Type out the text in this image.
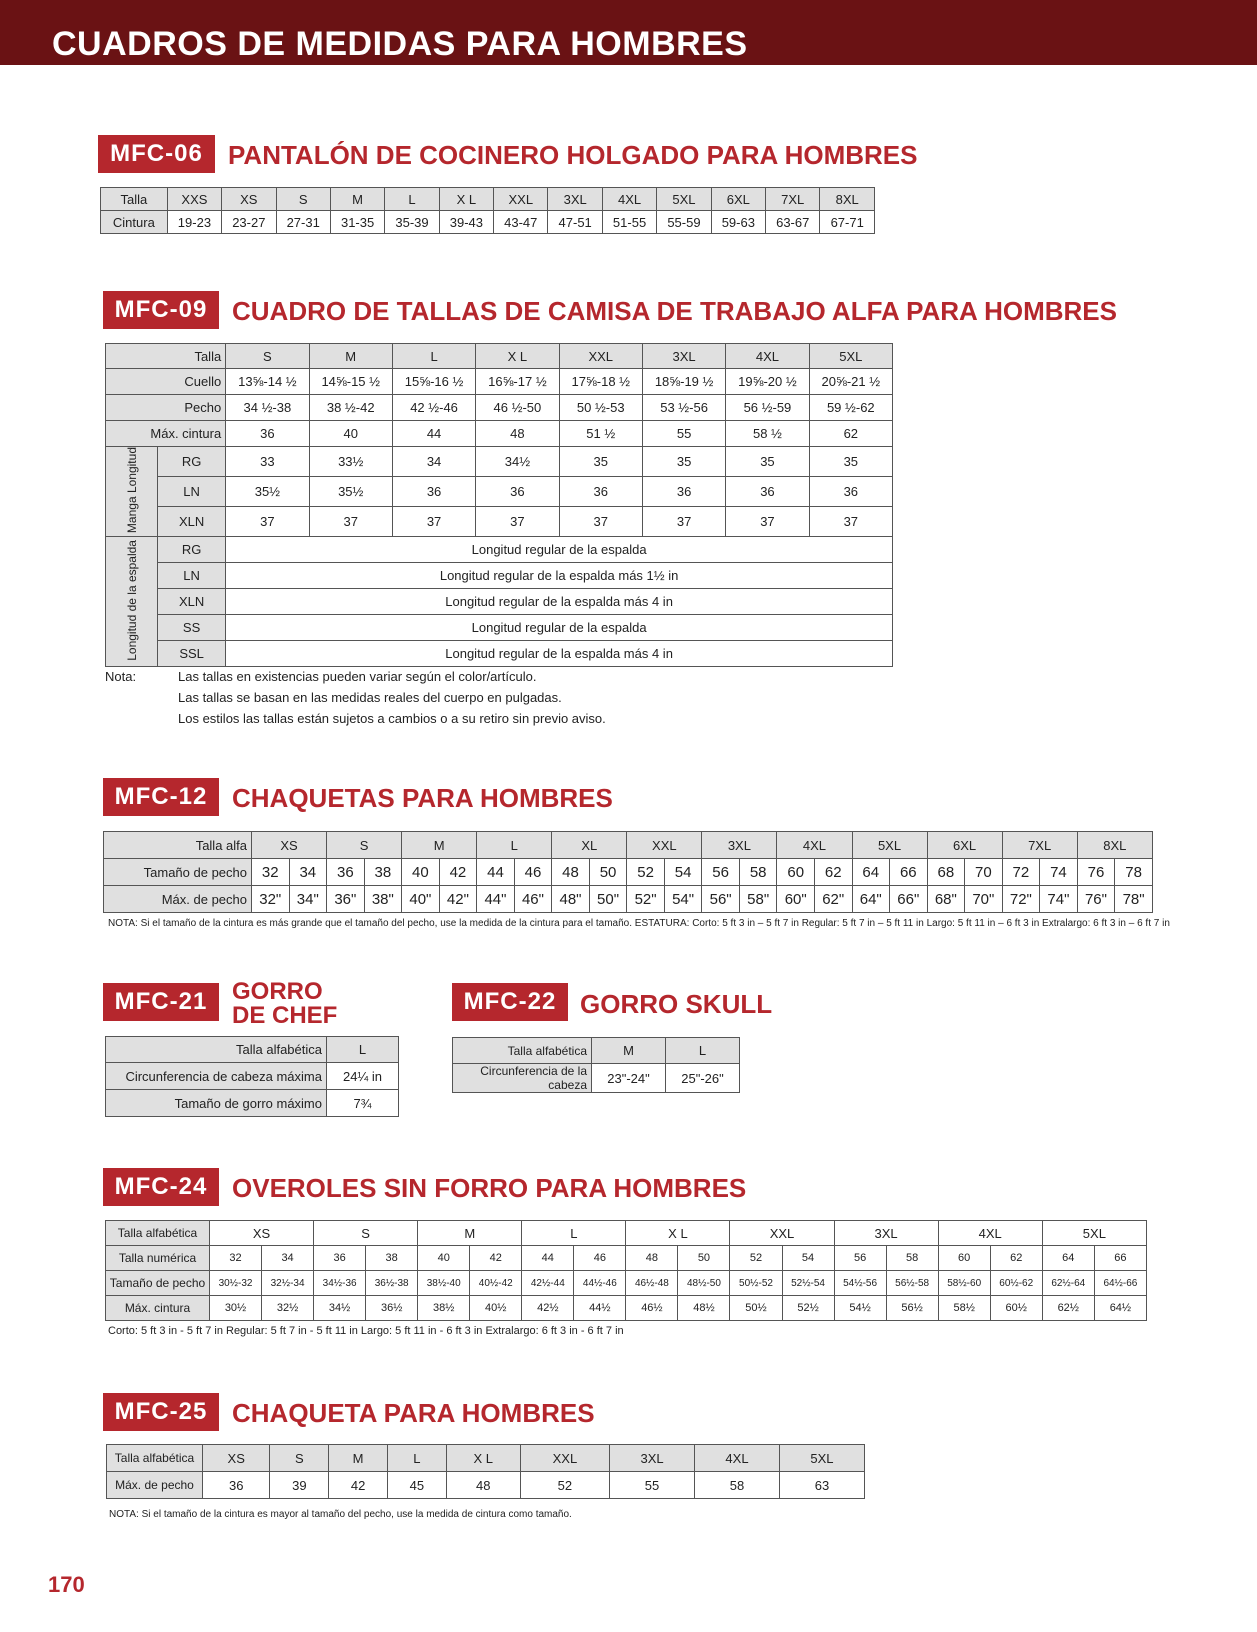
CUADROS DE MEDIDAS PARA HOMBRES
MFC-06 PANTALÓN DE COCINERO HOLGADO PARA HOMBRES
Talla	XXS	XS	S	M	L	X L	XXL	3XL	4XL	5XL	6XL	7XL	8XL
Cintura	19-23	23-27	27-31	31-35	35-39	39-43	43-47	47-51	51-55	55-59	59-63	63-67	67-71
MFC-09 CUADRO DE TALLAS DE CAMISA DE TRABAJO ALFA PARA HOMBRES
Talla		S	M	L	X L	XXL	3XL	4XL	5XL
Cuello		13⅝-14 ½	14⅝-15 ½	15⅝-16 ½	16⅝-17 ½	17⅝-18 ½	18⅝-19 ½	19⅝-20 ½	20⅝-21 ½
Pecho		34 ½-38	38 ½-42	42 ½-46	46 ½-50	50 ½-53	53 ½-56	56 ½-59	59 ½-62
Máx. cintura		36	40	44	48	51 ½	55	58 ½	62
Manga Longitud	RG	33	33½	34	34½	35	35	35	35
	LN	35½	35½	36	36	36	36	36	36
	XLN	37	37	37	37	37	37	37	37
Longitud de la espalda	RG	Longitud regular de la espalda							
	LN	Longitud regular de la espalda más 1½ in							
	XLN	Longitud regular de la espalda más 4 in							
	SS	Longitud regular de la espalda							
	SSL	Longitud regular de la espalda más 4 in							
Nota:	Las tallas en existencias pueden variar según el color/artículo.
Las tallas se basan en las medidas reales del cuerpo en pulgadas.
Los estilos las tallas están sujetos a cambios o a su retiro sin previo aviso.
MFC-12 CHAQUETAS PARA HOMBRES
Talla alfa	XS		S		M		L		XL		XXL		3XL		4XL		5XL		6XL		7XL		8XL	
Tamaño de pecho	32	34	36	38	40	42	44	46	48	50	52	54	56	58	60	62	64	66	68	70	72	74	76	78
Máx. de pecho	32"	34"	36"	38"	40"	42"	44"	46"	48"	50"	52"	54"	56"	58"	60"	62"	64"	66"	68"	70"	72"	74"	76"	78"
NOTA: Si el tamaño de la cintura es más grande que el tamaño del pecho, use la medida de la cintura para el tamaño. ESTATURA: Corto: 5 ft 3 in – 5 ft 7 in Regular: 5 ft 7 in – 5 ft 11 in Largo: 5 ft 11 in – 6 ft 3 in Extralargo: 6 ft 3 in – 6 ft 7 in
MFC-21	GORRO
DE CHEF
Talla alfabética	L
Circunferencia de cabeza máxima	24¼ in
Tamaño de gorro máximo	7¾
MFC-22 GORRO SKULL
Talla alfabética	M	L
Circunferencia de la cabeza	23"-24"	25"-26"
MFC-24 OVEROLES SIN FORRO PARA HOMBRES
Talla alfabética	XS		S		M		L		X L		XXL		3XL		4XL		5XL	
Talla numérica	32	34	36	38	40	42	44	46	48	50	52	54	56	58	60	62	64	66
Tamaño de pecho	30½-32	32½-34	34½-36	36½-38	38½-40	40½-42	42½-44	44½-46	46½-48	48½-50	50½-52	52½-54	54½-56	56½-58	58½-60	60½-62	62½-64	64½-66
Máx. cintura	30½	32½	34½	36½	38½	40½	42½	44½	46½	48½	50½	52½	54½	56½	58½	60½	62½	64½
Corto: 5 ft 3 in - 5 ft 7 in Regular: 5 ft 7 in - 5 ft 11 in Largo: 5 ft 11 in - 6 ft 3 in Extralargo: 6 ft 3 in - 6 ft 7 in
MFC-25 CHAQUETA PARA HOMBRES
Talla alfabética	XS	S	M	L	X L	XXL	3XL	4XL	5XL
Máx. de pecho	36	39	42	45	48	52	55	58	63
NOTA: Si el tamaño de la cintura es mayor al tamaño del pecho, use la medida de cintura como tamaño.
170
